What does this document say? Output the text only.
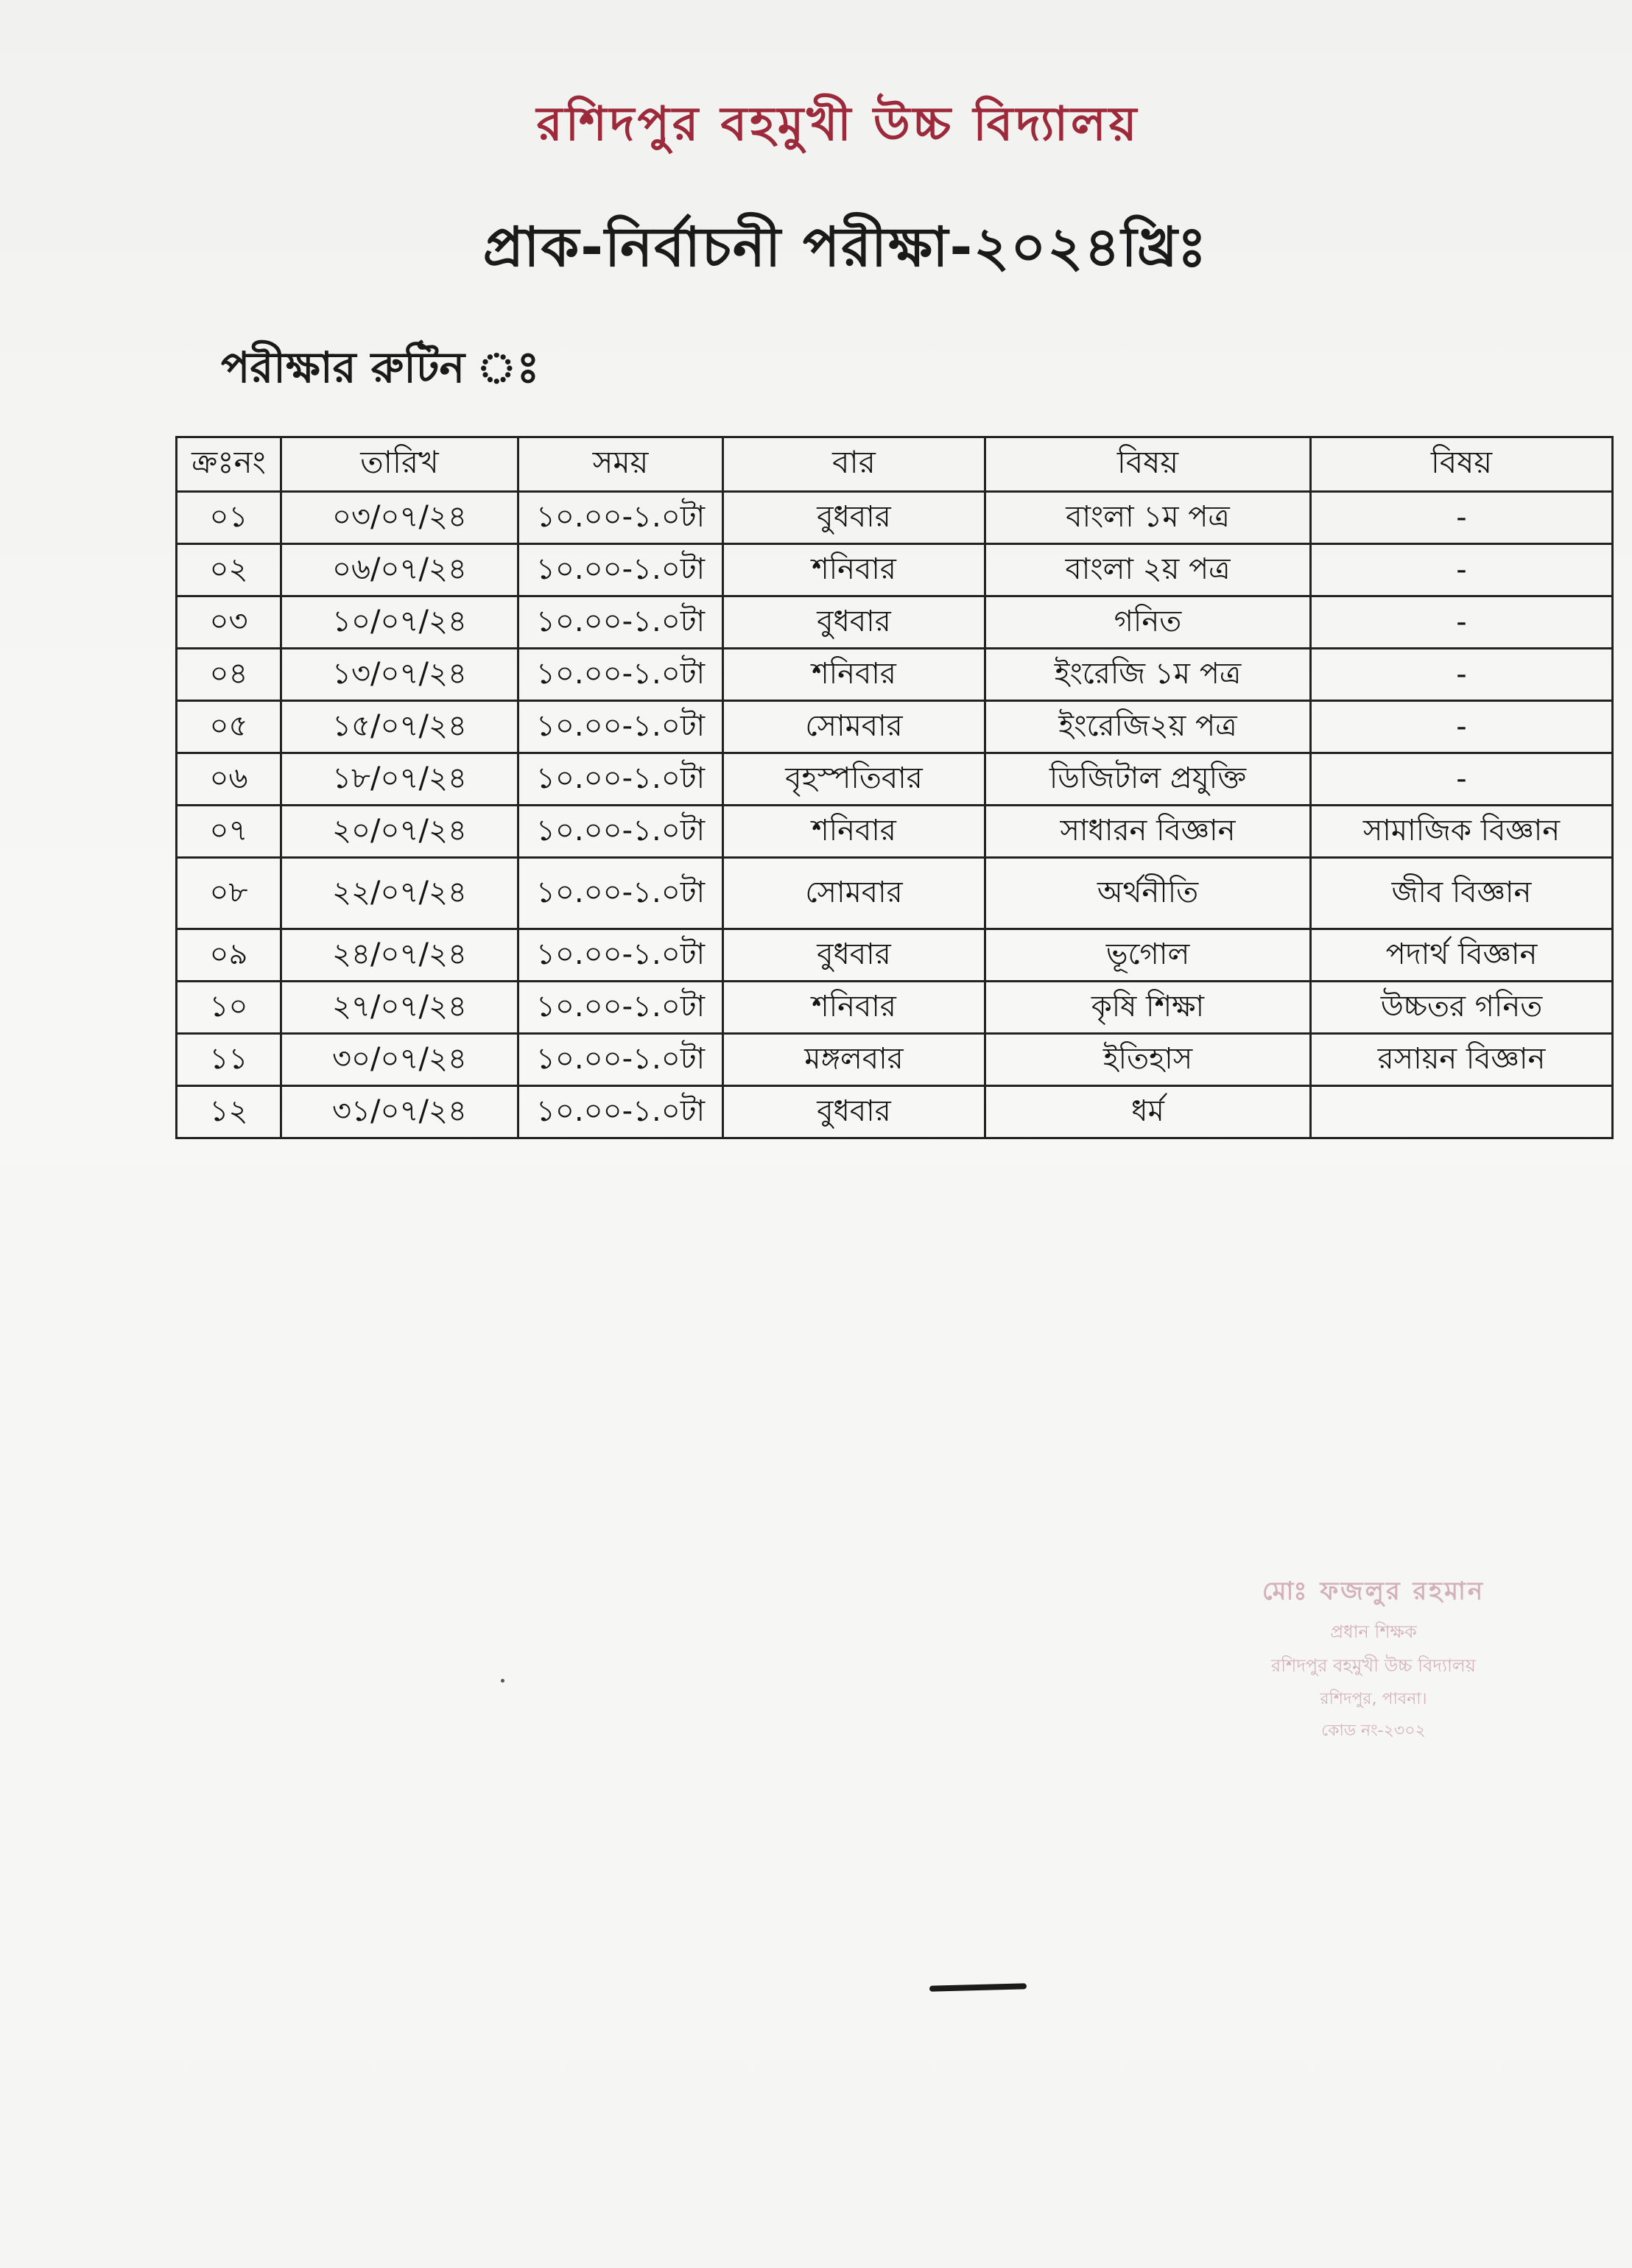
রশিদপুর বহমুখী উচ্চ বিদ্যালয়
প্রাক-নির্বাচনী পরীক্ষা-২০২৪খ্রিঃ
পরীক্ষার রুটিন ঃ
ক্রঃনং	তারিখ	সময়	বার	বিষয়	বিষয়
০১	০৩/০৭/২৪	১০.০০-১.০টা	বুধবার	বাংলা ১ম পত্র	-
০২	০৬/০৭/২৪	১০.০০-১.০টা	শনিবার	বাংলা ২য় পত্র	-
০৩	১০/০৭/২৪	১০.০০-১.০টা	বুধবার	গনিত	-
০৪	১৩/০৭/২৪	১০.০০-১.০টা	শনিবার	ইংরেজি ১ম পত্র	-
০৫	১৫/০৭/২৪	১০.০০-১.০টা	সোমবার	ইংরেজি২য় পত্র	-
০৬	১৮/০৭/২৪	১০.০০-১.০টা	বৃহস্পতিবার	ডিজিটাল প্রযুক্তি	-
০৭	২০/০৭/২৪	১০.০০-১.০টা	শনিবার	সাধারন বিজ্ঞান	সামাজিক বিজ্ঞান
০৮	২২/০৭/২৪	১০.০০-১.০টা	সোমবার	অর্থনীতি	জীব বিজ্ঞান
০৯	২৪/০৭/২৪	১০.০০-১.০টা	বুধবার	ভূগোল	পদার্থ বিজ্ঞান
১০	২৭/০৭/২৪	১০.০০-১.০টা	শনিবার	কৃষি শিক্ষা	উচ্চতর গনিত
১১	৩০/০৭/২৪	১০.০০-১.০টা	মঙ্গলবার	ইতিহাস	রসায়ন বিজ্ঞান
১২	৩১/০৭/২৪	১০.০০-১.০টা	বুধবার	ধর্ম	
মোঃ ফজলুর রহমান
প্রধান শিক্ষক
রশিদপুর বহমুখী উচ্চ বিদ্যালয়
রশিদপুর, পাবনা।
কোড নং-২৩০২
